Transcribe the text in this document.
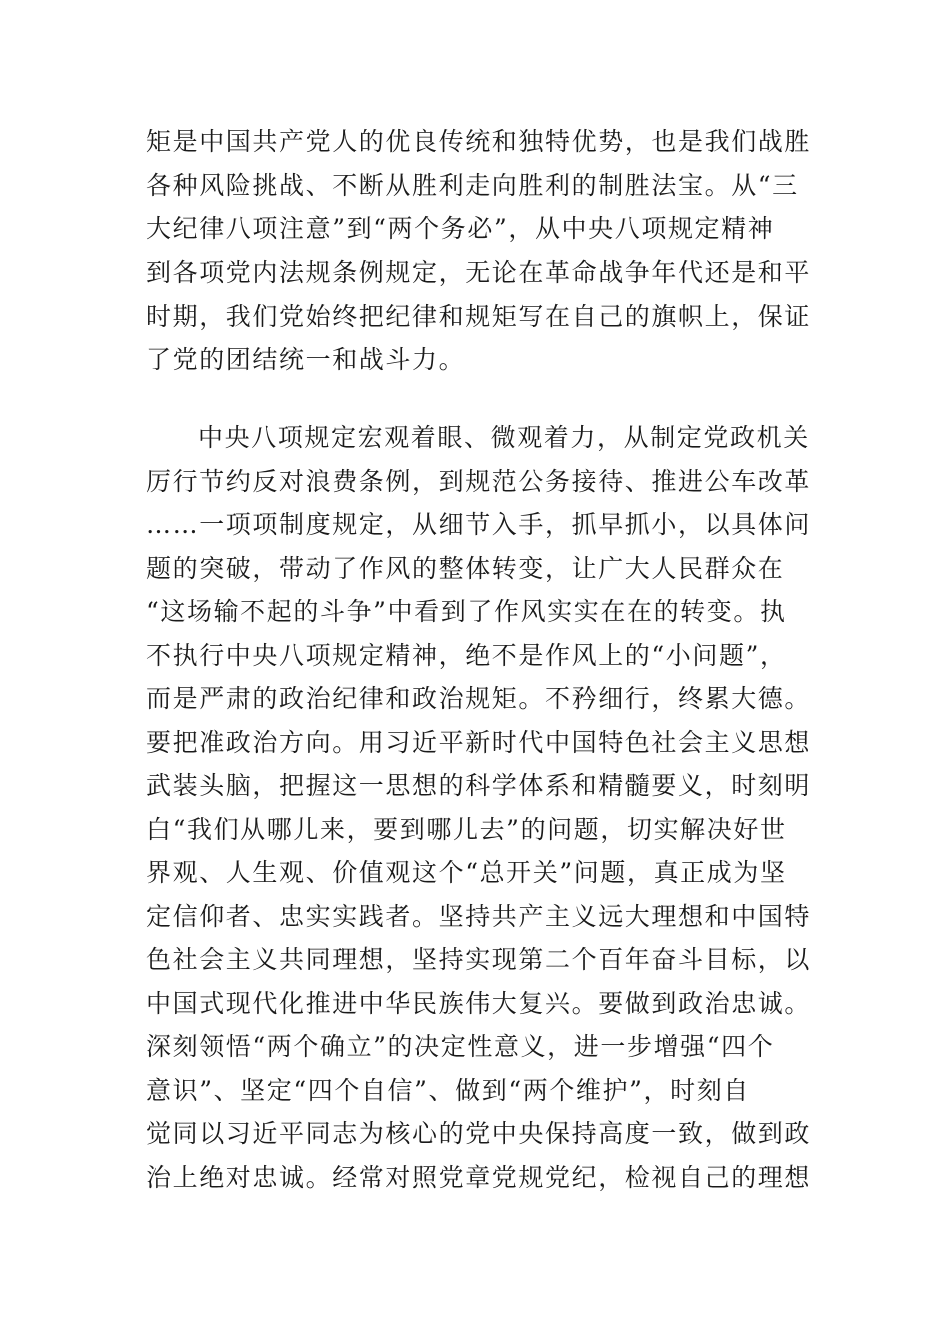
矩是中国共产党人的优良传统和独特优势，也是我们战胜
各种风险挑战、不断从胜利走向胜利的制胜法宝。从“三
大纪律八项注意”到“两个务必”，从中央八项规定精神
到各项党内法规条例规定，无论在革命战争年代还是和平
时期，我们党始终把纪律和规矩写在自己的旗帜上，保证
了党的团结统一和战斗力。
中央八项规定宏观着眼、微观着力，从制定党政机关
厉行节约反对浪费条例，到规范公务接待、推进公车改革
……一项项制度规定，从细节入手，抓早抓小，以具体问
题的突破，带动了作风的整体转变，让广大人民群众在
“这场输不起的斗争”中看到了作风实实在在的转变。执
不执行中央八项规定精神，绝不是作风上的“小问题”，
而是严肃的政治纪律和政治规矩。不矜细行，终累大德。
要把准政治方向。用习近平新时代中国特色社会主义思想
武装头脑，把握这一思想的科学体系和精髓要义，时刻明
白“我们从哪儿来，要到哪儿去”的问题，切实解决好世
界观、人生观、价值观这个“总开关”问题，真正成为坚
定信仰者、忠实实践者。坚持共产主义远大理想和中国特
色社会主义共同理想，坚持实现第二个百年奋斗目标，以
中国式现代化推进中华民族伟大复兴。要做到政治忠诚。
深刻领悟“两个确立”的决定性意义，进一步增强“四个
意识”、坚定“四个自信”、做到“两个维护”，时刻自
觉同以习近平同志为核心的党中央保持高度一致，做到政
治上绝对忠诚。经常对照党章党规党纪，检视自己的理想
